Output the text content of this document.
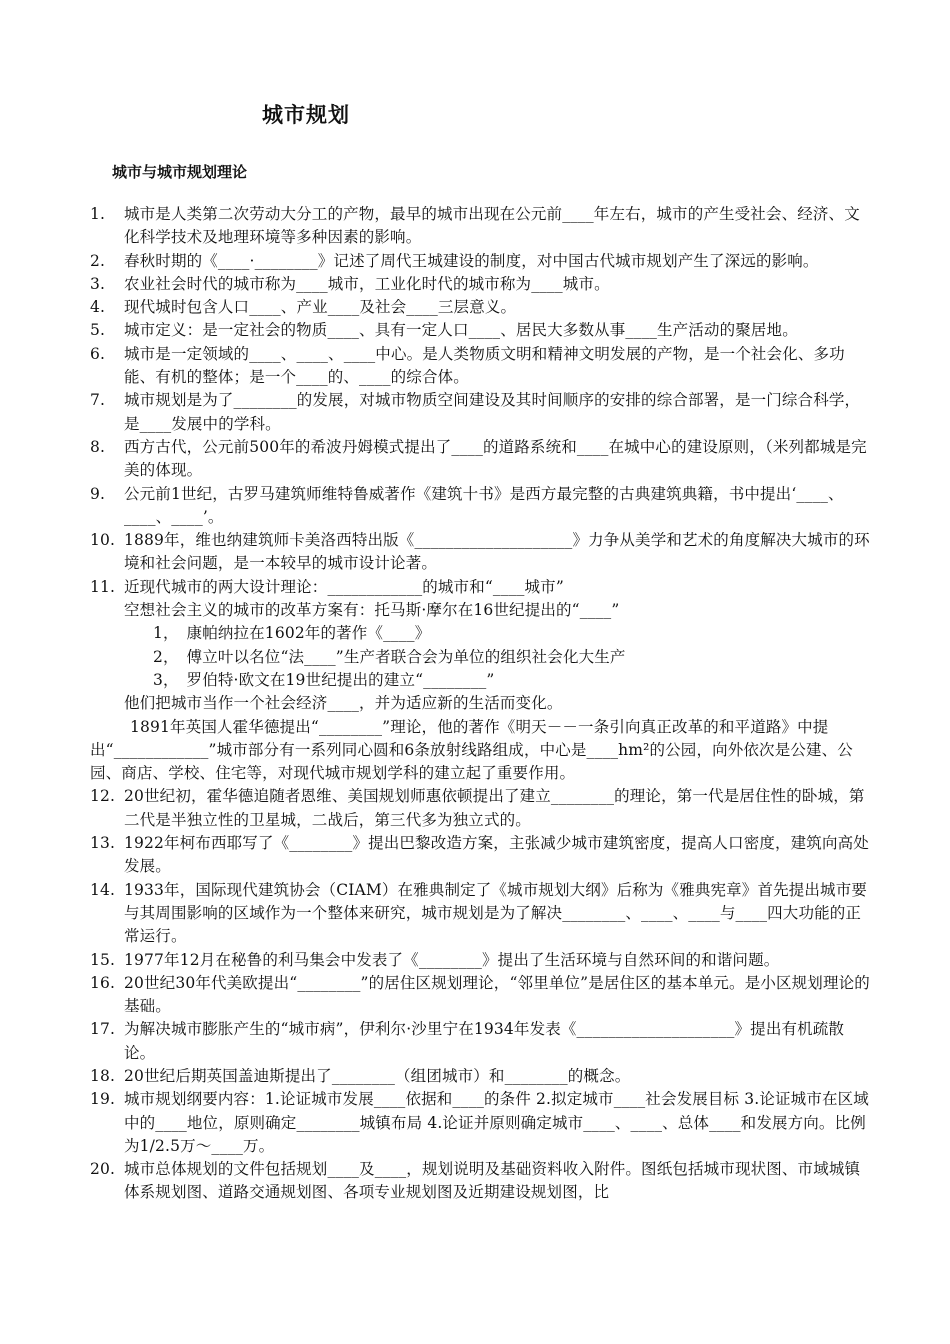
城市规划
城市与城市规划理论
1. 城市是人类第二次劳动大分工的产物，最早的城市出现在公元前____年左右，城市的产生受社会、经济、文化科学技术及地理环境等多种因素的影响。
2. 春秋时期的《____·________》记述了周代王城建设的制度，对中国古代城市规划产生了深远的影响。
3. 农业社会时代的城市称为____城市，工业化时代的城市称为____城市。
4. 现代城时包含人口____、产业____及社会____三层意义。
5. 城市定义：是一定社会的物质____、具有一定人口____、居民大多数从事____生产活动的聚居地。
6. 城市是一定领域的____、____、____中心。是人类物质文明和精神文明发展的产物，是一个社会化、多功能、有机的整体；是一个____的、____的综合体。
7. 城市规划是为了________的发展，对城市物质空间建设及其时间顺序的安排的综合部署，是一门综合科学，是____发展中的学科。
8. 西方古代，公元前500年的希波丹姆模式提出了____的道路系统和____在城中心的建设原则，（米列都城是完美的体现。
9. 公元前1世纪，古罗马建筑师维特鲁威著作《建筑十书》是西方最完整的古典建筑典籍，书中提出‘____、____、____’。
10. 1889年，维也纳建筑师卡美洛西特出版《____________________》力争从美学和艺术的角度解决大城市的环境和社会问题，是一本较早的城市设计论著。
11. 近现代城市的两大设计理论：____________的城市和“____城市”
空想社会主义的城市的改革方案有：托马斯·摩尔在16世纪提出的“____”
1，　康帕纳拉在1602年的著作《____》
2，　傅立叶以名位“法____”生产者联合会为单位的组织社会化大生产
3，　罗伯特·欧文在19世纪提出的建立“________”
他们把城市当作一个社会经济____，并为适应新的生活而变化。
1891年英国人霍华德提出“________”理论，他的著作《明天－－一条引向真正改革的和平道路》中提出“____________”城市部分有一系列同心圆和6条放射线路组成，中心是____hm²的公园，向外依次是公建、公园、商店、学校、住宅等，对现代城市规划学科的建立起了重要作用。
12. 20世纪初，霍华德追随者恩维、美国规划师惠依顿提出了建立________的理论，第一代是居住性的卧城，第二代是半独立性的卫星城，二战后，第三代多为独立式的。
13. 1922年柯布西耶写了《________》提出巴黎改造方案，主张减少城市建筑密度，提高人口密度，建筑向高处发展。
14. 1933年，国际现代建筑协会（CIAM）在雅典制定了《城市规划大纲》后称为《雅典宪章》首先提出城市要与其周围影响的区域作为一个整体来研究，城市规划是为了解决________、____、____与____四大功能的正常运行。
15. 1977年12月在秘鲁的利马集会中发表了《________》提出了生活环境与自然环间的和谐问题。
16. 20世纪30年代美欧提出“________”的居住区规划理论，“邻里单位”是居住区的基本单元。是小区规划理论的基础。
17. 为解决城市膨胀产生的“城市病”，伊利尔·沙里宁在1934年发表《____________________》提出有机疏散论。
18. 20世纪后期英国盖迪斯提出了________（组团城市）和________的概念。
19. 城市规划纲要内容：1.论证城市发展____依据和____的条件 2.拟定城市____社会发展目标 3.论证城市在区域中的____地位，原则确定________城镇布局 4.论证并原则确定城市____、____、总体____和发展方向。比例为1/2.5万～____万。
20. 城市总体规划的文件包括规划____及____，规划说明及基础资料收入附件。图纸包括城市现状图、市域城镇体系规划图、道路交通规划图、各项专业规划图及近期建设规划图，比
